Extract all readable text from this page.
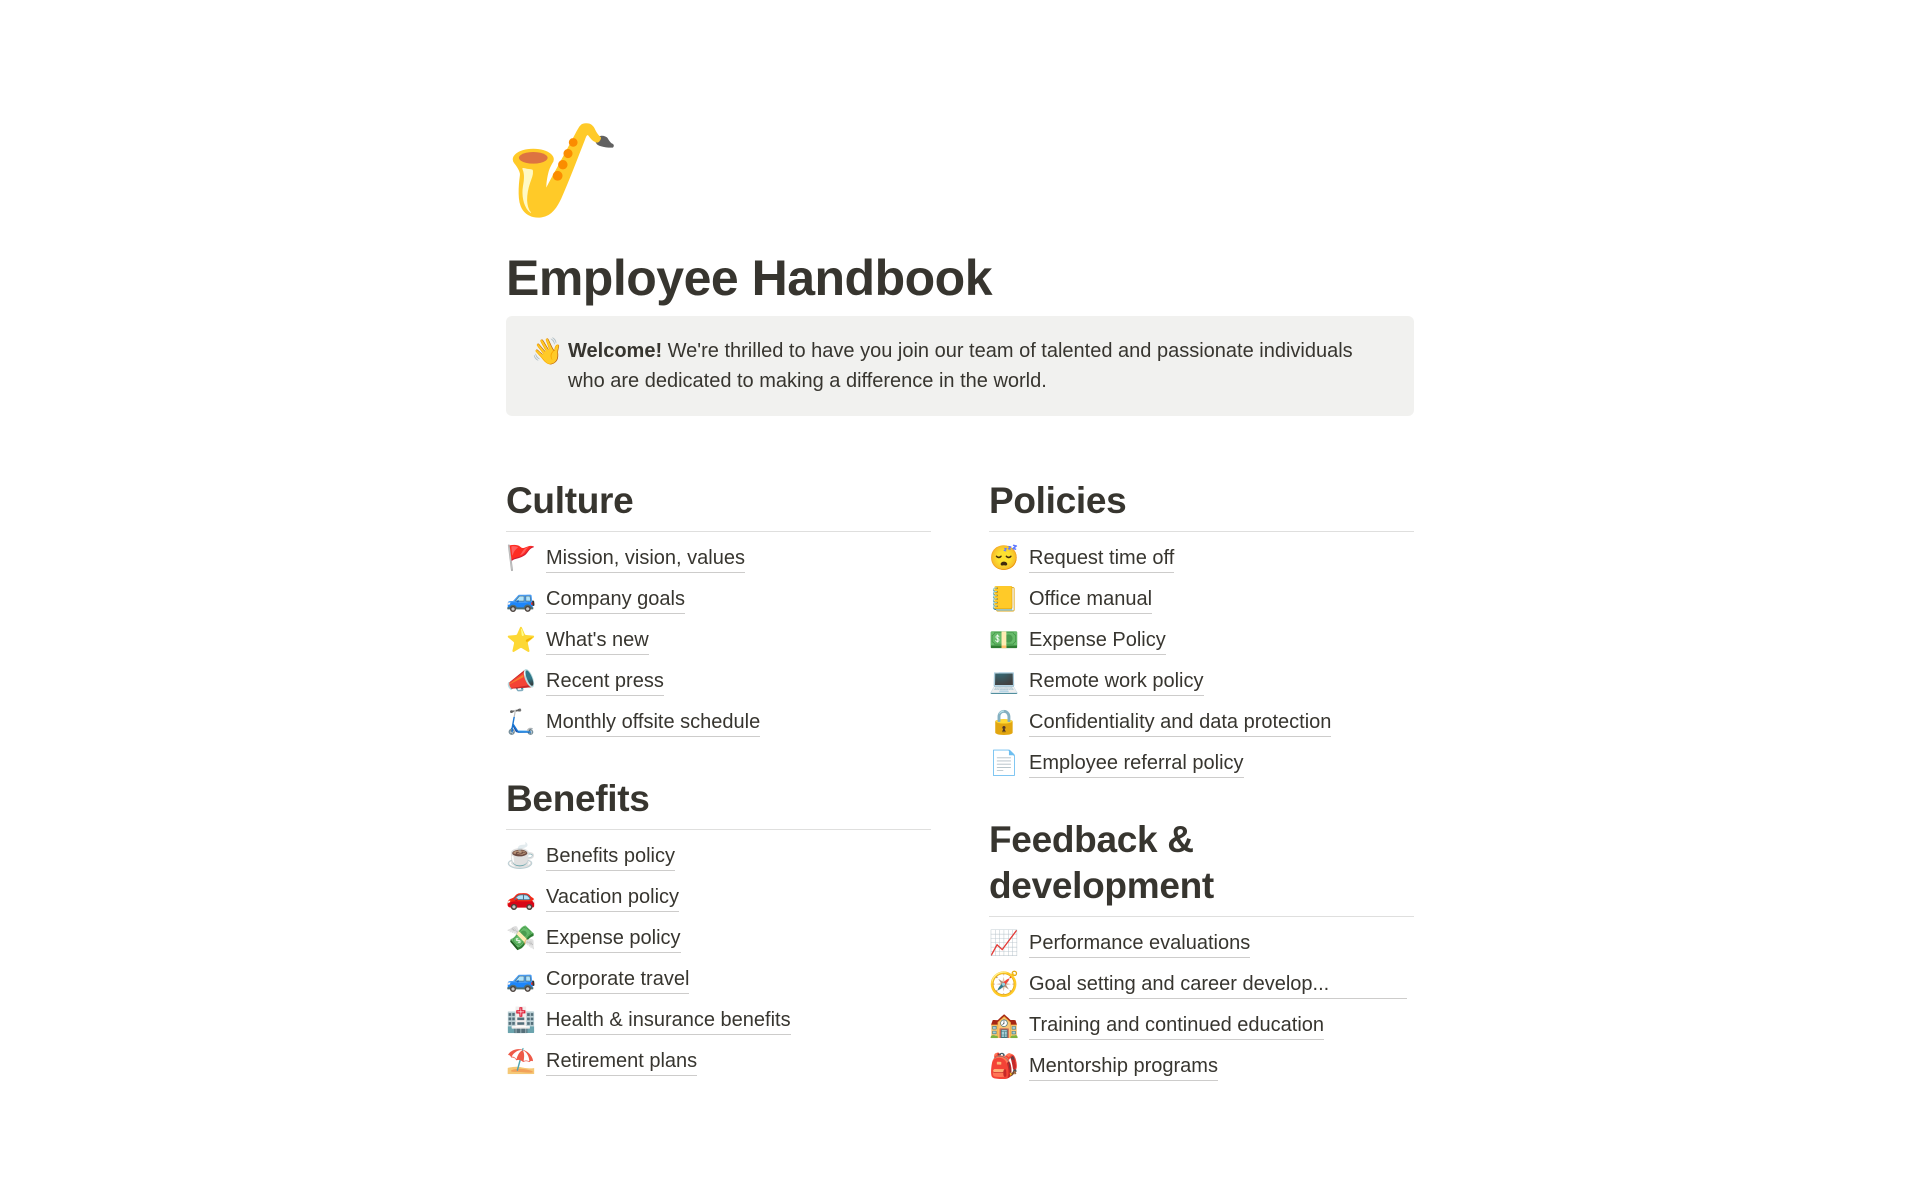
🎷
Employee Handbook
👋 Welcome! We're thrilled to have you join our team of talented and passionate individuals who are dedicated to making a difference in the world.
Culture
🚩 Mission, vision, values
🚙 Company goals
⭐ What's new
📣 Recent press
🛴 Monthly offsite schedule
Benefits
☕ Benefits policy
🚗 Vacation policy
💸 Expense policy
🚙 Corporate travel
🏥 Health & insurance benefits
⛱️ Retirement plans
Policies
😴 Request time off
📒 Office manual
💵 Expense Policy
💻 Remote work policy
🔒 Confidentiality and data protection
📄 Employee referral policy
Feedback & development
📈 Performance evaluations
🧭 Goal setting and career develop...
🏫 Training and continued education
🎒 Mentorship programs
